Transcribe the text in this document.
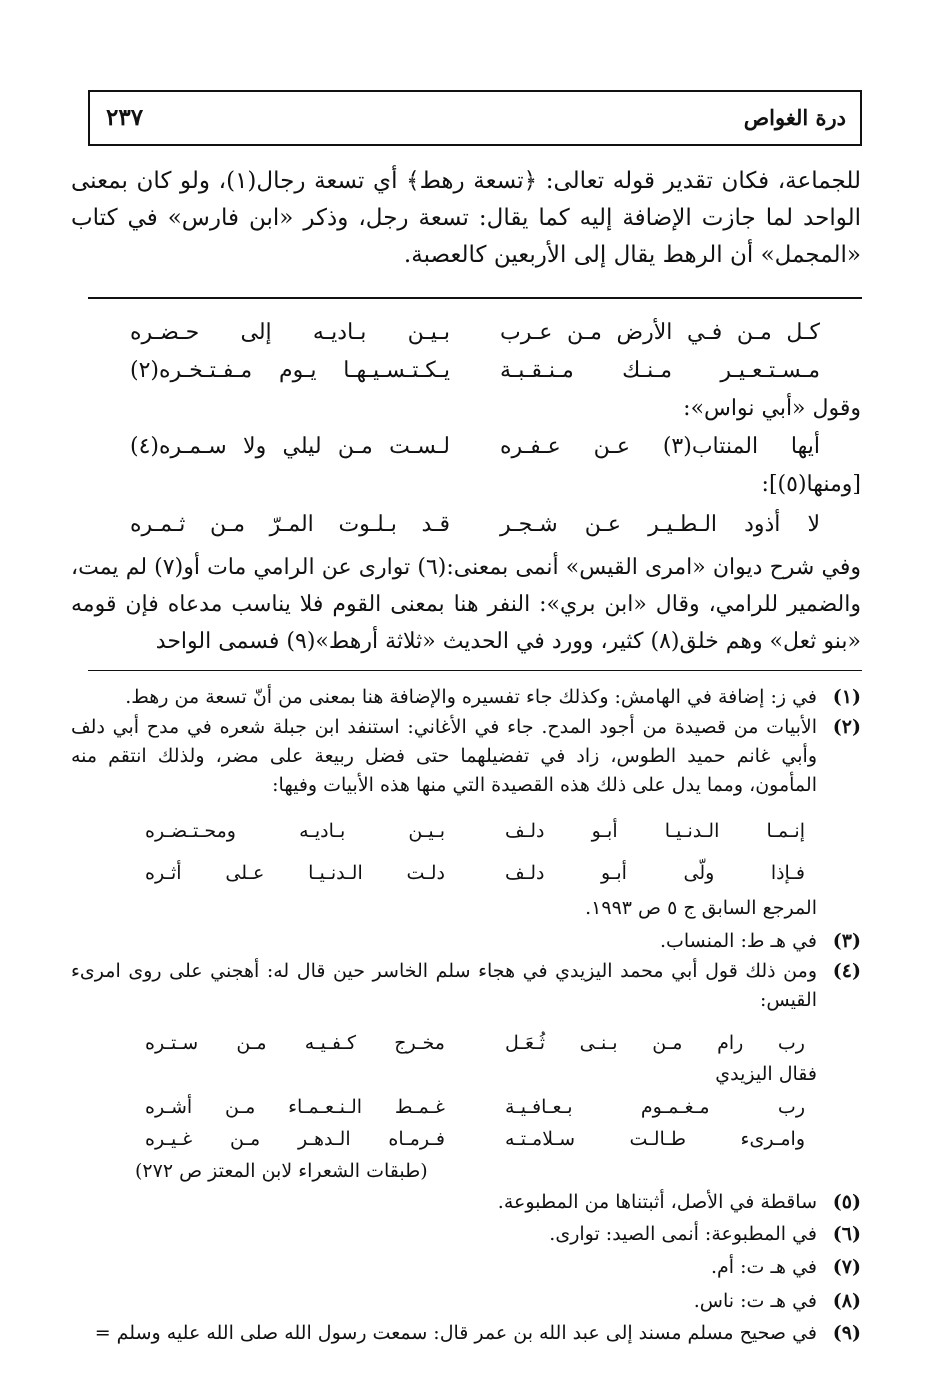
درة الغواص
٢٣٧
للجماعة، فكان تقدير قوله تعالى: ﴿تسعة رهط﴾ أي تسعة رجال(١)، ولو كان بمعنى الواحد لما جازت الإضافة إليه كما يقال: تسعة رجل، وذكر «ابن فارس» في كتاب «المجمل» أن الرهط يقال إلى الأربعين كالعصبة.
كـل مـن فـي الأرض مـن عـرب
بـيـن بـاديـه إلى حـضـره
مـسـتـعـيـر مـنـك مـنـقـبـة
يـكـتـسـيـهـا يـوم مـفـتـخـره(٢)
وقول «أبي نواس»:
أيها المنتاب(٣) عـن عـفـره
لـسـت مـن ليلي ولا سـمـره(٤)
[ومنها(٥)]:
لا أذود الـطـيـر عـن شـجـر
قـد بـلـوت المـرّ مـن ثـمـره
وفي شرح ديوان «امرى القيس» أنمى بمعنى:(٦) توارى عن الرامي مات أو(٧) لم يمت، والضمير للرامي، وقال «ابن بري»: النفر هنا بمعنى القوم فلا يناسب مدعاه فإن قومه «بنو ثعل» وهم خلق(٨) كثير، وورد في الحديث «ثلاثة أرهط»(٩) فسمى الواحد
(١)
في ز: إضافة في الهامش: وكذلك جاء تفسيره والإضافة هنا بمعنى من أنّ تسعة من رهط.
(٢)
الأبيات من قصيدة من أجود المدح. جاء في الأغاني: استنفد ابن جبلة شعره في مدح أبي دلف وأبي غانم حميد الطوس، زاد في تفضيلهما حتى فضل ربيعة على مضر، ولذلك انتقم منه المأمون، ومما يدل على ذلك هذه القصيدة التي منها هذه الأبيات وفيها:
إنـمـا الـدنـيـا أبـو دلـف
بـيـن بـاديـه ومحـتـضـره
فـإذا ولّى أبـو دلـف
دلـت الـدنـيـا عـلى أثـره
المرجع السابق ج ٥ ص ١٩٩٣.
(٣)
في هـ ط: المنساب.
(٤)
ومن ذلك قول أبي محمد اليزيدي في هجاء سلم الخاسر حين قال له: أهجني على روى امرىء القيس:
رب رام مـن بـنـى ثُـعَـل
مخـرج كـفـيـه مـن سـتـره
فقال اليزيدي
رب مـغـمـوم بـعـافـيـة
غـمـط الـنـعـمـاء مـن أشـره
وامـرىء طـالـت سـلامـتـه
فـرمـاه الـدهـر مـن غـيـره
(طبقات الشعراء لابن المعتز ص ٢٧٢)
(٥)
ساقطة في الأصل، أثبتناها من المطبوعة.
(٦)
في المطبوعة: أنمى الصيد: توارى.
(٧)
في هـ ت: أم.
(٨)
في هـ ت: ناس.
(٩)
في صحيح مسلم مسند إلى عبد الله بن عمر قال: سمعت رسول الله صلى الله عليه وسلم =
